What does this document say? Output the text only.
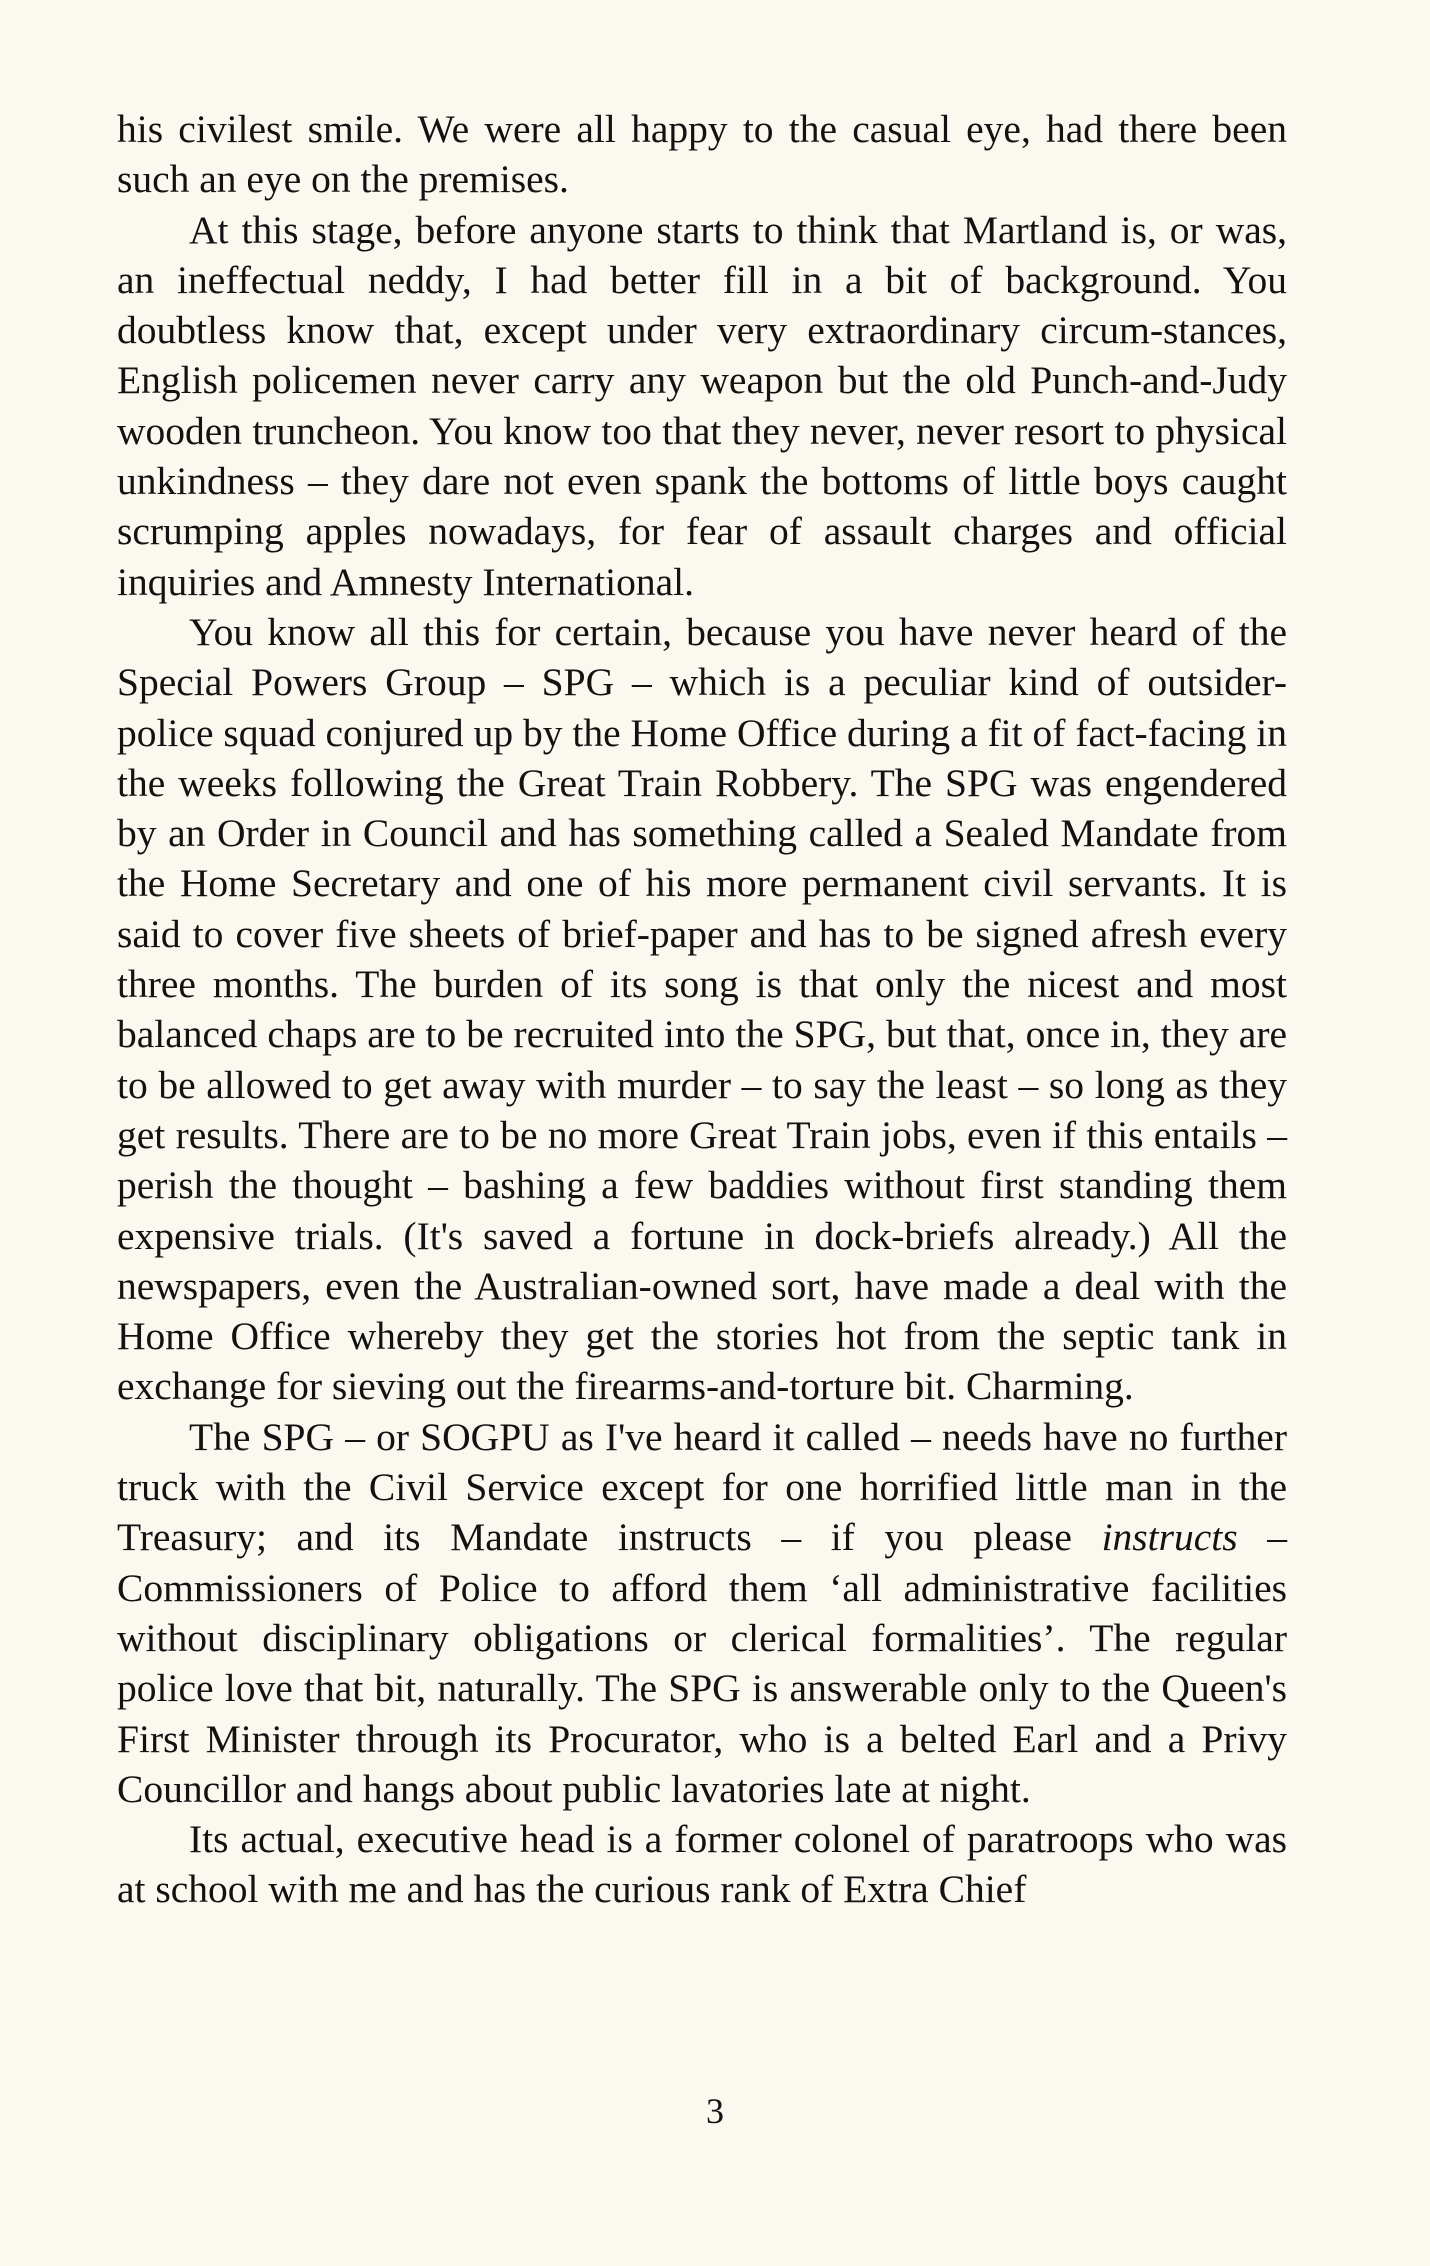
his civilest smile. We were all happy to the casual eye, had there been such an eye on the premises.

At this stage, before anyone starts to think that Martland is, or was, an ineffectual neddy, I had better fill in a bit of background. You doubtless know that, except under very extraordinary circum-stances, English policemen never carry any weapon but the old Punch-and-Judy wooden truncheon. You know too that they never, never resort to physical unkindness – they dare not even spank the bottoms of little boys caught scrumping apples nowadays, for fear of assault charges and official inquiries and Amnesty International.

You know all this for certain, because you have never heard of the Special Powers Group – SPG – which is a peculiar kind of outsider-police squad conjured up by the Home Office during a fit of fact-facing in the weeks following the Great Train Robbery. The SPG was engendered by an Order in Council and has something called a Sealed Mandate from the Home Secretary and one of his more permanent civil servants. It is said to cover five sheets of brief-paper and has to be signed afresh every three months. The burden of its song is that only the nicest and most balanced chaps are to be recruited into the SPG, but that, once in, they are to be allowed to get away with murder – to say the least – so long as they get results. There are to be no more Great Train jobs, even if this entails – perish the thought – bashing a few baddies without first standing them expensive trials. (It's saved a fortune in dock-briefs already.) All the newspapers, even the Australian-owned sort, have made a deal with the Home Office whereby they get the stories hot from the septic tank in exchange for sieving out the firearms-and-torture bit. Charming.

The SPG – or SOGPU as I've heard it called – needs have no further truck with the Civil Service except for one horrified little man in the Treasury; and its Mandate instructs – if you please instructs – Commissioners of Police to afford them ‘all administrative facilities without disciplinary obligations or clerical formalities’. The regular police love that bit, naturally. The SPG is answerable only to the Queen's First Minister through its Procurator, who is a belted Earl and a Privy Councillor and hangs about public lavatories late at night.

Its actual, executive head is a former colonel of paratroops who was at school with me and has the curious rank of Extra Chief

3
